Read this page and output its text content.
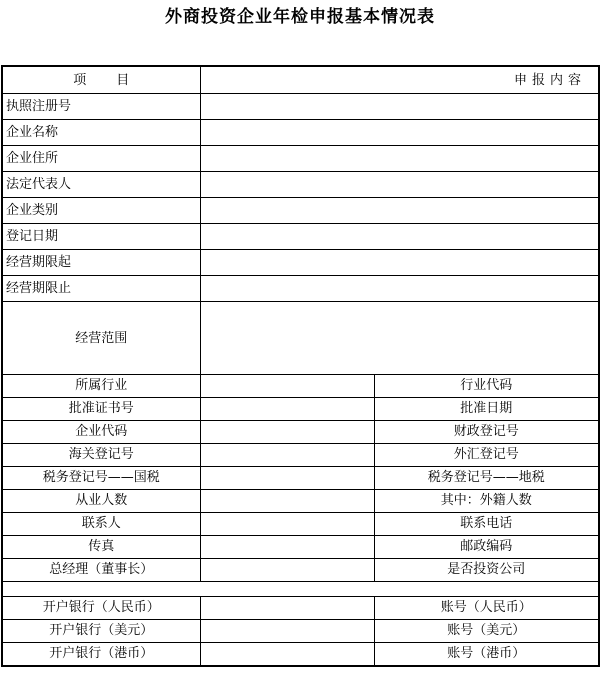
外商投资企业年检申报基本情况表
项目	申报内容	
执照注册号		
企业名称		
企业住所		
法定代表人		
企业类别		
登记日期		
经营期限起		
经营期限止		
经营范围		
所属行业		行业代码
批准证书号		批准日期
企业代码		财政登记号
海关登记号		外汇登记号
税务登记号——国税		税务登记号——地税
从业人数		其中：外籍人数
联系人		联系电话
传真		邮政编码
总经理（董事长）		是否投资公司

开户银行（人民币）		账号（人民币）
开户银行（美元）		账号（美元）
开户银行（港币）		账号（港币）
